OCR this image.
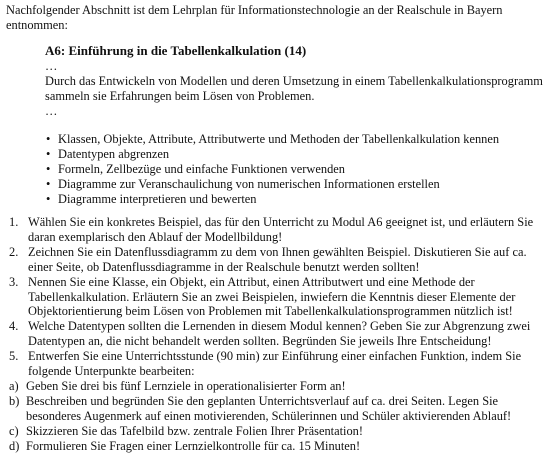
Nachfolgender Abschnitt ist dem Lehrplan für Informationstechnologie an der Realschule in Bayern entnommen:

A6: Einführung in die Tabellenkalkulation (14)

…

Durch das Entwickeln von Modellen und deren Umsetzung in einem Tabellenkalkulationsprogramm sammeln sie Erfahrungen beim Lösen von Problemen.

…

• Klassen, Objekte, Attribute, Attributwerte und Methoden der Tabellenkalkulation kennen
• Datentypen abgrenzen
• Formeln, Zellbezüge und einfache Funktionen verwenden
• Diagramme zur Veranschaulichung von numerischen Informationen erstellen
• Diagramme interpretieren und bewerten
1. Wählen Sie ein konkretes Beispiel, das für den Unterricht zu Modul A6 geeignet ist, und erläutern Sie daran exemplarisch den Ablauf der Modellbildung!
2. Zeichnen Sie ein Datenflussdiagramm zu dem von Ihnen gewählten Beispiel. Diskutieren Sie auf ca. einer Seite, ob Datenflussdiagramme in der Realschule benutzt werden sollten!
3. Nennen Sie eine Klasse, ein Objekt, ein Attribut, einen Attributwert und eine Methode der Tabellenkalkulation. Erläutern Sie an zwei Beispielen, inwiefern die Kenntnis dieser Elemente der Objektorientierung beim Lösen von Problemen mit Tabellenkalkulationsprogrammen nützlich ist!
4. Welche Datentypen sollten die Lernenden in diesem Modul kennen? Geben Sie zur Abgrenzung zwei Datentypen an, die nicht behandelt werden sollten. Begründen Sie jeweils Ihre Entscheidung!
5. Entwerfen Sie eine Unterrichtsstunde (90 min) zur Einführung einer einfachen Funktion, indem Sie folgende Unterpunkte bearbeiten:
a) Geben Sie drei bis fünf Lernziele in operationalisierter Form an!
b) Beschreiben und begründen Sie den geplanten Unterrichtsverlauf auf ca. drei Seiten. Legen Sie besonderes Augenmerk auf einen motivierenden, Schülerinnen und Schüler aktivierenden Ablauf!
c) Skizzieren Sie das Tafelbild bzw. zentrale Folien Ihrer Präsentation!
d) Formulieren Sie Fragen einer Lernzielkontrolle für ca. 15 Minuten!
